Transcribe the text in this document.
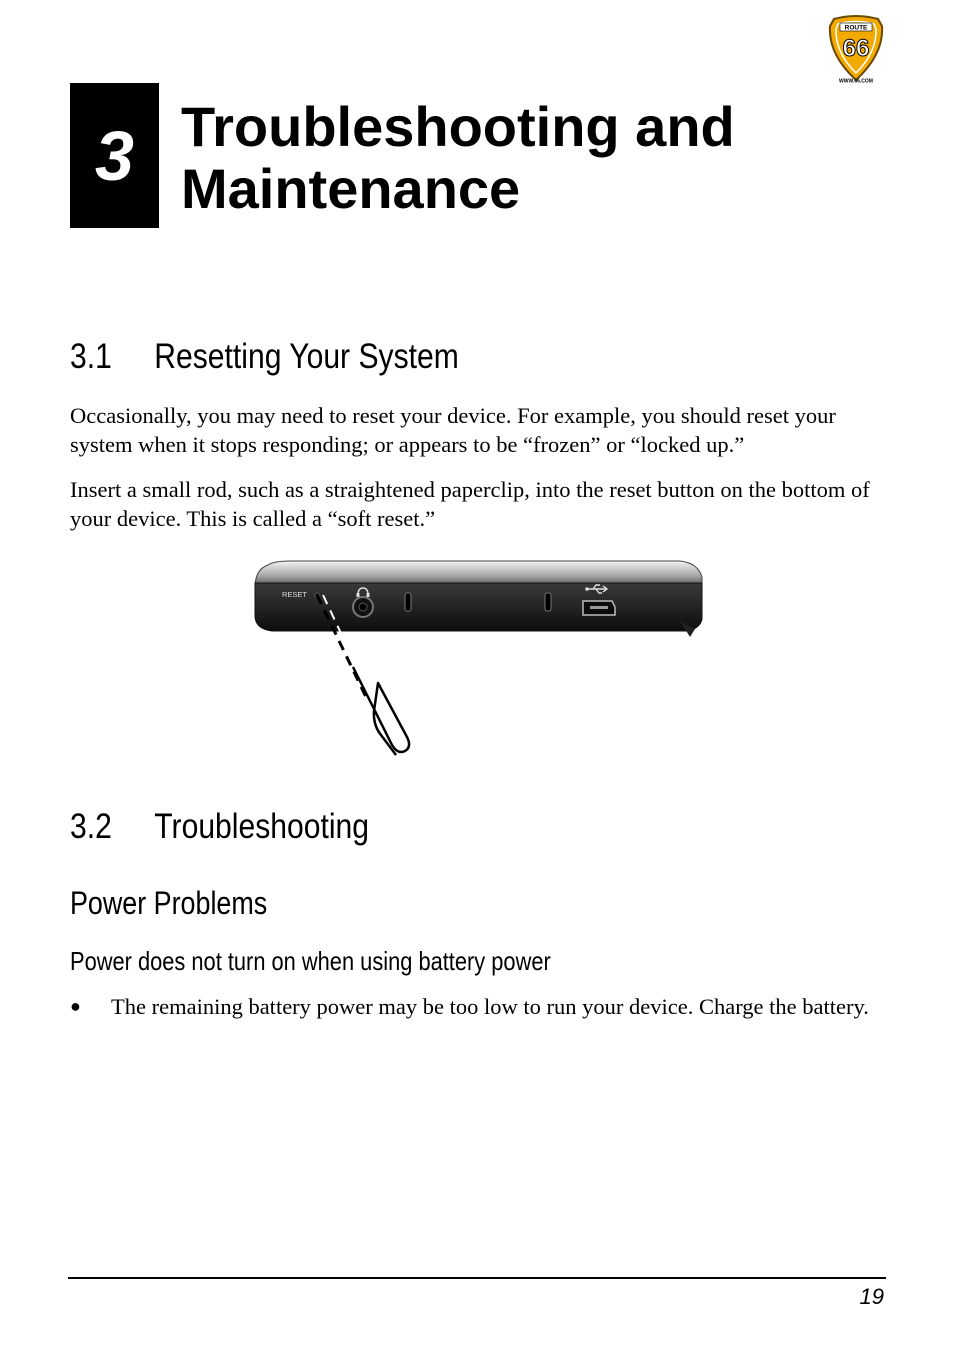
ROUTE
66
WWW.66.COM
3 Troubleshooting and
Maintenance
3.1 Resetting Your System

Occasionally, you may need to reset your device. For example, you should reset your system when it stops responding; or appears to be “frozen” or “locked up.”

Insert a small rod, such as a straightened paperclip, into the reset button on the bottom of your device. This is called a “soft reset.”

RESET
3.2 Troubleshooting
Power Problems
Power does not turn on when using battery power
● The remaining battery power may be too low to run your device. Charge the battery.

19
